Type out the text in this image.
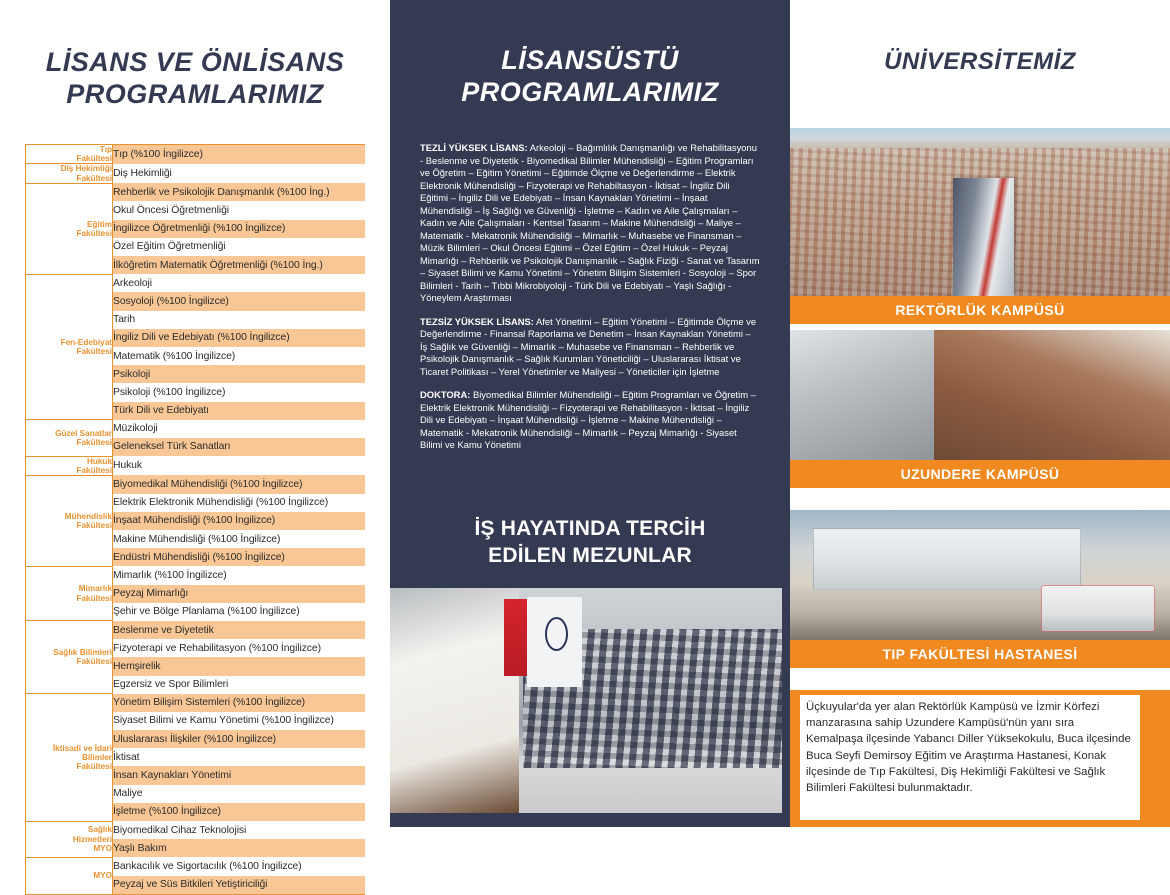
LİSANS VE ÖNLİSANS
PROGRAMLARIMIZ
Tıp
Fakültesi	Tıp (%100 İngilizce)

Diş Hekimliği
Fakültesi	Diş Hekimliği

Eğitim
Fakültesi	Rehberlik ve Psikolojik Danışmanlık (%100 İng.)
	Okul Öncesi Öğretmenliği
	İngilizce Öğretmenliği (%100 İngilizce)
	Özel Eğitim Öğretmenliği
	İlköğretim Matematik Öğretmenliği (%100 İng.)

Fen-Edebiyat
Fakültesi	Arkeoloji
	Sosyoloji (%100 İngilizce)
	Tarih
	İngiliz Dili ve Edebiyatı (%100 İngilizce)
	Matematik (%100 İngilizce)
	Psikoloji
	Psikoloji (%100 İngilizce)
	Türk Dili ve Edebiyatı

Güzel Sanatlar
Fakültesi	Müzikoloji
	Geleneksel Türk Sanatları

Hukuk
Fakültesi	Hukuk

Mühendislik
Fakültesi	Biyomedikal Mühendisliği (%100 İngilizce)
	Elektrik Elektronik Mühendisliği (%100 İngilizce)
	İnşaat Mühendisliği (%100 İngilizce)
	Makine Mühendisliği (%100 İngilizce)
	Endüstri Mühendisliği (%100 İngilizce)

Mimarlık
Fakültesi	Mimarlık (%100 İngilizce)
	Peyzaj Mimarlığı
	Şehir ve Bölge Planlama (%100 İngilizce)

Sağlık Bilimleri
Fakültesi	Beslenme ve Diyetetik
	Fizyoterapi ve Rehabilitasyon (%100 İngilizce)
	Hemşirelik
	Egzersiz ve Spor Bilimleri

İktisadi ve İdari
Bilimler
Fakültesi	Yönetim Bilişim Sistemleri (%100 İngilizce)
	Siyaset Bilimi ve Kamu Yönetimi (%100 İngilizce)
	Uluslararası İlişkiler (%100 İngilizce)
	İktisat
	İnsan Kaynakları Yönetimi
	Maliye
	İşletme (%100 İngilizce)

Sağlık
Hizmetleri
MYO	Biyomedikal Cihaz Teknolojisi
	Yaşlı Bakım

MYO	Bankacılık ve Sigortacılık (%100 İngilizce)
	Peyzaj ve Süs Bitkileri Yetiştiriciliği
LİSANSÜSTÜ
PROGRAMLARIMIZ

TEZLİ YÜKSEK LİSANS: Arkeoloji – Bağımlılık Danışmanlığı ve Rehabilitasyonu - Beslenme ve Diyetetik - Biyomedikal Bilimler Mühendisliği – Eğitim Programları ve Öğretim – Eğitim Yönetimi – Eğitimde Ölçme ve Değerlendirme – Elektrik Elektronik Mühendisliği – Fizyoterapi ve Rehabiltasyon - İktisat – İngiliz Dili Eğitimi – İngiliz Dili ve Edebiyatı – İnsan Kaynakları Yönetimi – İnşaat Mühendisliği – İş Sağlığı ve Güvenliği - İşletme – Kadın ve Aile Çalışmaları – Kadın ve Aile Çalışmaları - Kentsel Tasarım – Makine Mühendisliği – Maliye – Matematik - Mekatronik Mühendisliği – Mimarlık – Muhasebe ve Finansman – Müzik Bilimleri – Okul Öncesi Eğitimi – Özel Eğitim – Özel Hukuk – Peyzaj Mimarlığı – Rehberlik ve Psikolojik Danışmanlık – Sağlık Fiziği - Sanat ve Tasarım – Siyaset Bilimi ve Kamu Yönetimi – Yönetim Bilişim Sistemleri - Sosyoloji – Spor Bilimleri - Tarih – Tıbbi Mikrobiyoloji - Türk Dili ve Edebiyatı – Yaşlı Sağlığı - Yöneylem Araştırması

TEZSİZ YÜKSEK LİSANS: Afet Yönetimi – Eğitim Yönetimi – Eğitimde Ölçme ve Değerlendirme - Finansal Raporlama ve Denetim – İnsan Kaynakları Yönetimi – İş Sağlık ve Güvenliği – Mimarlık – Muhasebe ve Finansman – Rehberlik ve Psikolojik Danışmanlık – Sağlık Kurumları Yöneticiliği – Uluslararası İktisat ve Ticaret Politikası – Yerel Yönetimler ve Maliyesi – Yöneticiler için İşletme

DOKTORA: Biyomedikal Bilimler Mühendisliği – Eğitim Programları ve Öğretim – Elektrik Elektronik Mühendisliği – Fizyoterapi ve Rehabilitasyon - İktisat – İngiliz Dili ve Edebiyatı – İnşaat Mühendisliği – İşletme – Makine Mühendisliği – Matematik - Mekatronik Mühendisliği – Mimarlık – Peyzaj Mimarlığı - Siyaset Bilimi ve Kamu Yönetimi

İŞ HAYATINDA TERCİH
EDİLEN MEZUNLAR
ÜNİVERSİTEMİZ
REKTÖRLÜK KAMPÜSÜ
UZUNDERE KAMPÜSÜ
TIP FAKÜLTESİ HASTANESİ
Üçkuyular'da yer alan Rektörlük Kampüsü ve İzmir Körfezi manzarasına sahip Uzundere Kampüsü'nün yanı sıra Kemalpaşa ilçesinde Yabancı Diller Yüksekokulu, Buca ilçesinde Buca Seyfi Demirsoy Eğitim ve Araştırma Hastanesi, Konak ilçesinde de Tıp Fakültesi, Diş Hekimliği Fakültesi ve Sağlık Bilimleri Fakültesi bulunmaktadır.
